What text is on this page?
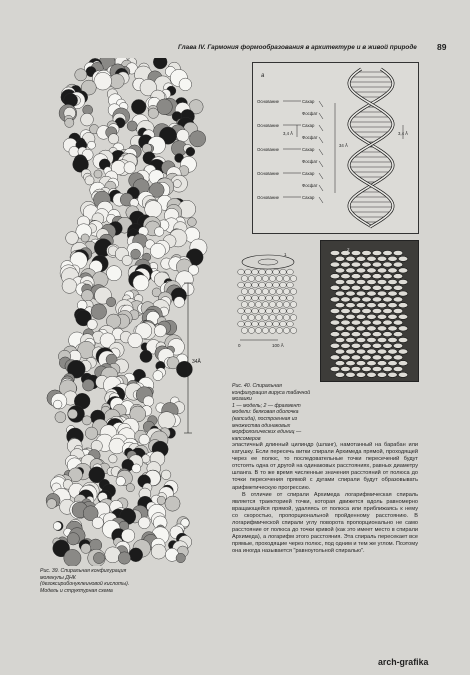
Глава IV. Гармония формообразования в архитектуре и в живой природе 89
34Å
Рис. 39. Спиральная конфигурация молекулы ДНК (дезоксирибонуклеиновой кислоты). Модель и структурная схема
a
Основание
Основание
Основание
Основание
Основание
Сахар
Фосфат
Сахар
Фосфат
Сахар
Фосфат
Сахар
Фосфат
Сахар
3,4 Å
34 Å
3,4 Å
1
0	100 Å
2
Рис. 40. Спиральная конфигурация вируса табачной мозаики
1 — модель; 2 — фрагмент модели: белковая оболочка (капсида), построенная из множества одинаковых морфологических единиц — капсомеров

эластичный длинный цилиндр (шланг), намотанный на барабан или катушку. Если пересечь витки спирали Архимеда прямой, проходящей через ее полюс, то последовательные точки пересечений будут отстоять одна от другой на одинаковых расстояниях, равных диаметру шланга. В то же время численные значения расстояний от полюса до точки пересечения прямой с дугами спирали будут образовывать арифметическую прогрессию.

В отличие от спирали Архимеда логарифмическая спираль является траекторией точки, которая движется вдоль равномерно вращающейся прямой, удаляясь от полюса или приближаясь к нему со скоростью, пропорциональной пройденному расстоянию. В логарифмической спирали углу поворота пропорционально не само расстояние от полюса до точки кривой (как это имеет место в спирали Архимеда), а логарифм этого расстояния. Эта спираль пересекает все прямые, проходящие через полюс, под одним и тем же углом. Поэтому она иногда называется "равноугольной спиралью".

arch-grafika
